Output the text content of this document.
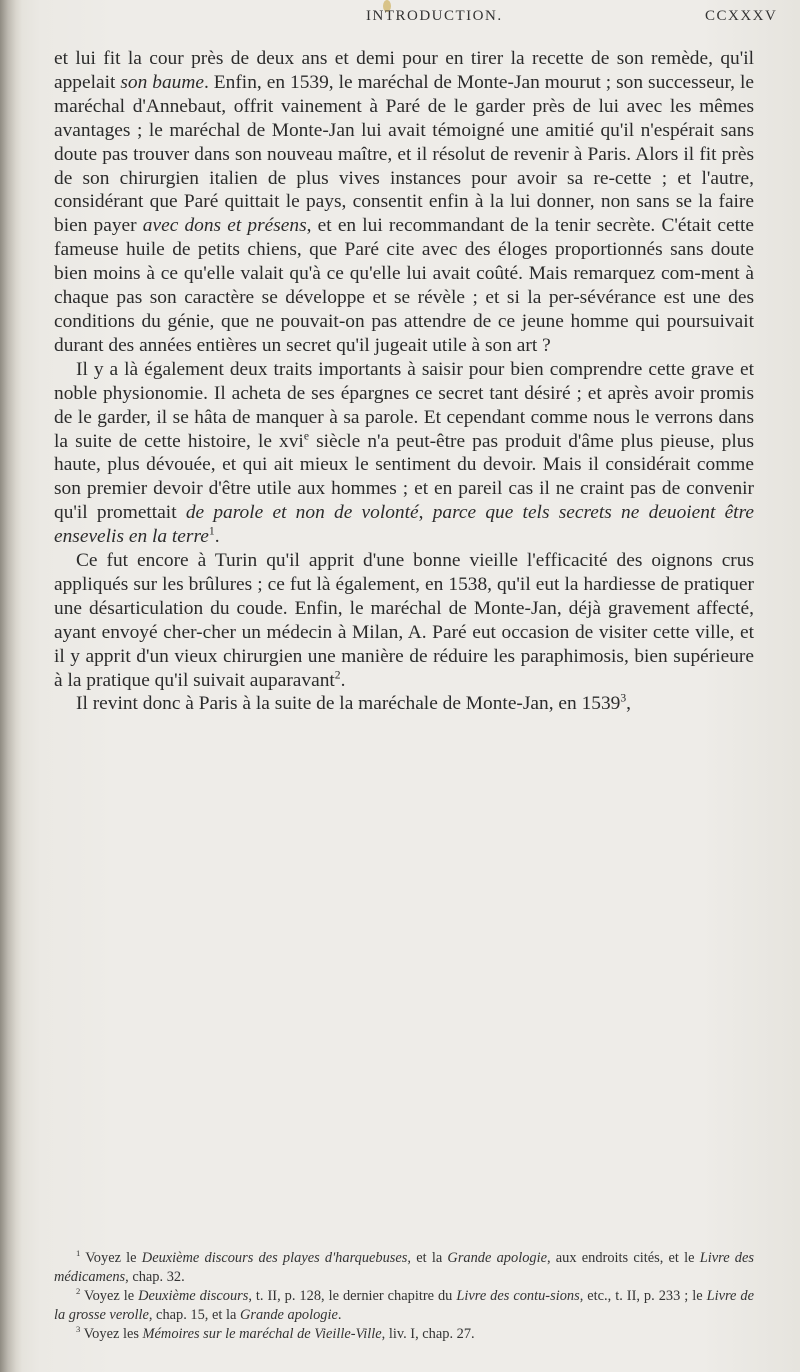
INTRODUCTION.	CCXXXV

et lui fit la cour près de deux ans et demi pour en tirer la recette de son remède, qu'il appelait son baume. Enfin, en 1539, le maréchal de Monte-Jan mourut ; son successeur, le maréchal d'Annebaut, offrit vainement à Paré de le garder près de lui avec les mêmes avantages ; le maréchal de Monte-Jan lui avait témoigné une amitié qu'il n'espérait sans doute pas trouver dans son nouveau maître, et il résolut de revenir à Paris. Alors il fit près de son chirurgien italien de plus vives instances pour avoir sa re-cette ; et l'autre, considérant que Paré quittait le pays, consentit enfin à la lui donner, non sans se la faire bien payer avec dons et présens, et en lui recommandant de la tenir secrète. C'était cette fameuse huile de petits chiens, que Paré cite avec des éloges proportionnés sans doute bien moins à ce qu'elle valait qu'à ce qu'elle lui avait coûté. Mais remarquez com-ment à chaque pas son caractère se développe et se révèle ; et si la per-sévérance est une des conditions du génie, que ne pouvait-on pas attendre de ce jeune homme qui poursuivait durant des années entières un secret qu'il jugeait utile à son art ?

Il y a là également deux traits importants à saisir pour bien comprendre cette grave et noble physionomie. Il acheta de ses épargnes ce secret tant désiré ; et après avoir promis de le garder, il se hâta de manquer à sa parole. Et cependant comme nous le verrons dans la suite de cette histoire, le xvi$^e$ siècle n'a peut-être pas produit d'âme plus pieuse, plus haute, plus dévouée, et qui ait mieux le sentiment du devoir. Mais il considérait comme son premier devoir d'être utile aux hommes ; et en pareil cas il ne craint pas de convenir qu'il promettait de parole et non de volonté, parce que tels secrets ne deuoient être ensevelis en la terre$^1$.

Ce fut encore à Turin qu'il apprit d'une bonne vieille l'efficacité des oignons crus appliqués sur les brûlures ; ce fut là également, en 1538, qu'il eut la hardiesse de pratiquer une désarticulation du coude. Enfin, le maréchal de Monte-Jan, déjà gravement affecté, ayant envoyé cher-cher un médecin à Milan, A. Paré eut occasion de visiter cette ville, et il y apprit d'un vieux chirurgien une manière de réduire les paraphimosis, bien supérieure à la pratique qu'il suivait auparavant$^2$.

Il revint donc à Paris à la suite de la maréchale de Monte-Jan, en 1539$^3$,

$^1$ Voyez le Deuxième discours des playes d'harquebuses, et la Grande apologie, aux endroits cités, et le Livre des médicamens, chap. 32.

$^2$ Voyez le Deuxième discours, t. II, p. 128, le dernier chapitre du Livre des contu-sions, etc., t. II, p. 233 ; le Livre de la grosse verolle, chap. 15, et la Grande apologie.

$^3$ Voyez les Mémoires sur le maréchal de Vieille-Ville, liv. I, chap. 27.
